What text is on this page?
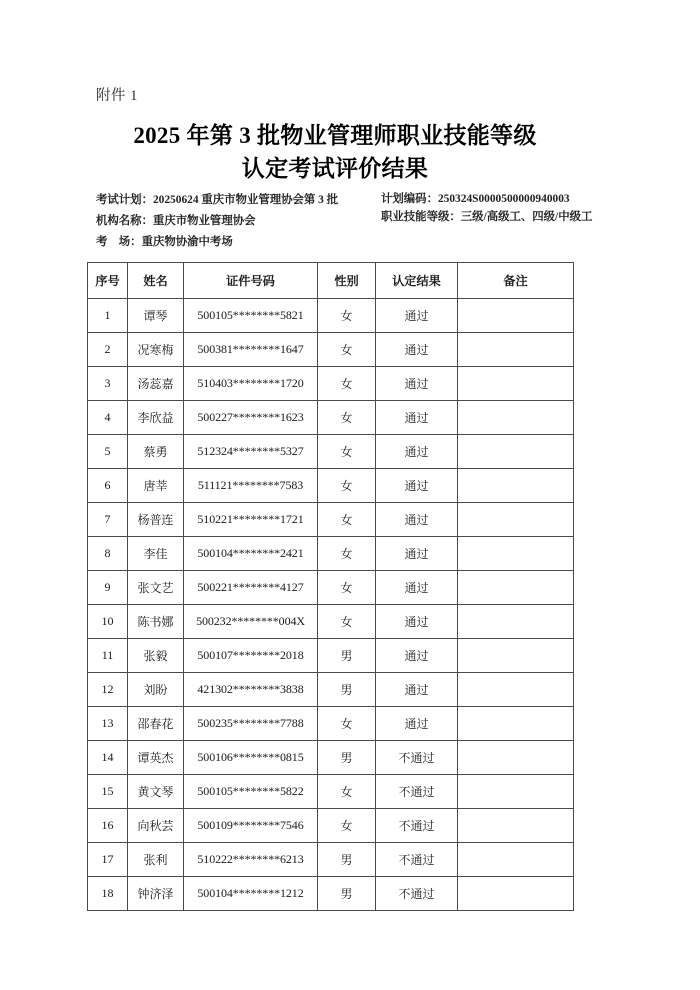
附件 1
2025 年第 3 批物业管理师职业技能等级
认定考试评价结果
考试计划：20250624 重庆市物业管理协会第 3 批
机构名称：重庆市物业管理协会
考　场：重庆物协渝中考场
计划编码：250324S0000500000940003
职业技能等级：三级/高级工、四级/中级工
序号	姓名	证件号码	性别	认定结果	备注
1	谭琴	500105********5821	女	通过	
2	况寒梅	500381********1647	女	通过	
3	汤蕊嘉	510403********1720	女	通过	
4	李欣益	500227********1623	女	通过	
5	蔡勇	512324********5327	女	通过	
6	唐莘	511121********7583	女	通过	
7	杨普连	510221********1721	女	通过	
8	李佳	500104********2421	女	通过	
9	张文艺	500221********4127	女	通过	
10	陈书娜	500232********004X	女	通过	
11	张毅	500107********2018	男	通过	
12	刘盼	421302********3838	男	通过	
13	邵春花	500235********7788	女	通过	
14	谭英杰	500106********0815	男	不通过	
15	黄文琴	500105********5822	女	不通过	
16	向秋芸	500109********7546	女	不通过	
17	张利	510222********6213	男	不通过	
18	钟济泽	500104********1212	男	不通过	
